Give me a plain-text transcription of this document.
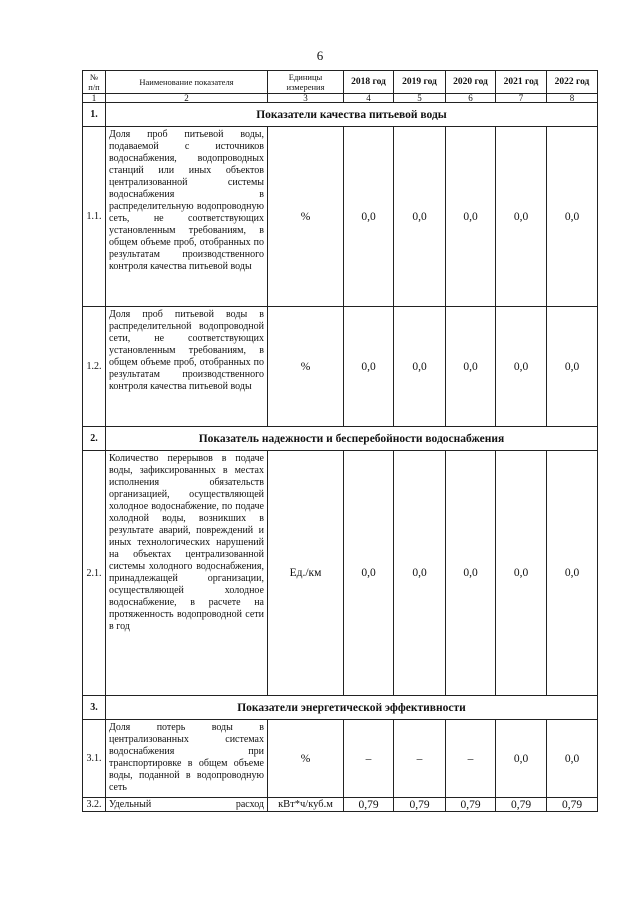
6
№ п/п	Наименование показателя	Единицы измерения	2018 год	2019 год	2020 год	2021 год	2022 год
1	2	3	4	5	6	7	8
1.	Показатели качества питьевой воды						
1.1.	Доля проб питьевой воды, подаваемой с источников водоснабжения, водопроводных станций или иных объектов централизованной системы водоснабжения в распределительную водопроводную сеть, не соответствующих установленным требованиям, в общем объеме проб, отобранных по результатам производственного контроля качества питьевой воды	%	0,0	0,0	0,0	0,0	0,0
1.2.	Доля проб питьевой воды в распределительной водопроводной сети, не соответствующих установленным требованиям, в общем объеме проб, отобранных по результатам производственного контроля качества питьевой воды	%	0,0	0,0	0,0	0,0	0,0
2.	Показатель надежности и бесперебойности водоснабжения						
2.1.	Количество перерывов в подаче воды, зафиксированных в местах исполнения обязательств организацией, осуществляющей холодное водоснабжение, по подаче холодной воды, возникших в результате аварий, повреждений и иных технологических нарушений на объектах централизованной системы холодного водоснабжения, принадлежащей организации, осуществляющей холодное водоснабжение, в расчете на протяженность водопроводной сети в год	Ед./км	0,0	0,0	0,0	0,0	0,0
3.	Показатели энергетической эффективности						
3.1.	Доля потерь воды в централизованных системах водоснабжения при транспортировке в общем объеме воды, поданной в водопроводную сеть	%	–	–	–	0,0	0,0
3.2.	Удельный расход	кВт*ч/куб.м	0,79	0,79	0,79	0,79	0,79
